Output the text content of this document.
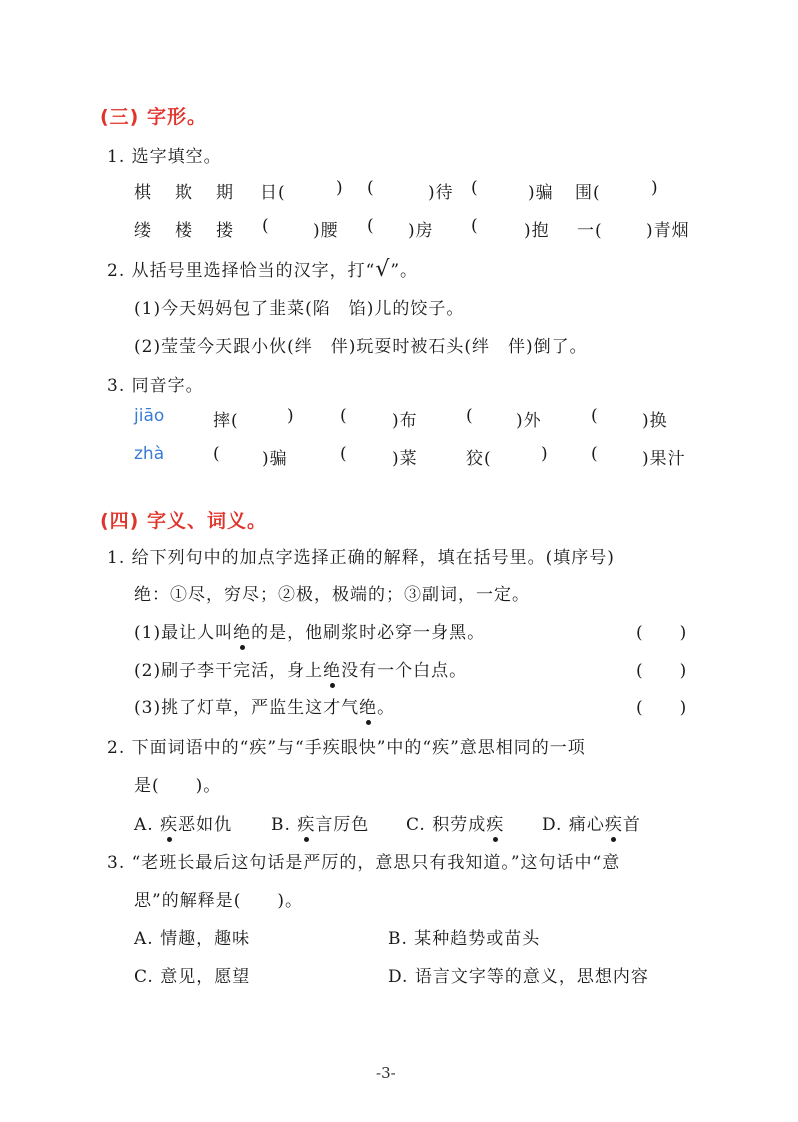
(三) 字形。
1. 选字填空。
棋 欺 期 日(	) (	)待 (	)骗 围(	)
缕 楼 搂 (	)腰 ( )房 (	)抱 一(	)青烟
2. 从括号里选择恰当的汉字，打“√”。
(1)今天妈妈包了韭菜(陷　馅)儿的饺子。
(2)莹莹今天跟小伙(绊　伴)玩耍时被石头(绊　伴)倒了。
3. 同音字。
jiāo	摔(	)	(	)布	( )外	(	)换
zhà	( )骗	(	)菜	狡(	) (	)果汁
(四) 字义、词义。
1. 给下列句中的加点字选择正确的解释，填在括号里。(填序号)
绝：①尽，穷尽；②极，极端的；③副词，一定。
(1)最让人叫绝的是，他刷浆时必穿一身黑。	(　　)
(2)刷子李干完活，身上绝没有一个白点。	(　　)
(3)挑了灯草，严监生这才气绝。	(　　)
2. 下面词语中的“疾”与“手疾眼快”中的“疾”意思相同的一项
是(　　)。
A. 疾恶如仇 B. 疾言厉色 C. 积劳成疾 D. 痛心疾首
3. “老班长最后这句话是严厉的，意思只有我知道。”这句话中“意
思”的解释是(　　)。
A. 情趣，趣味	B. 某种趋势或苗头
C. 意见，愿望	D. 语言文字等的意义，思想内容
-3-
